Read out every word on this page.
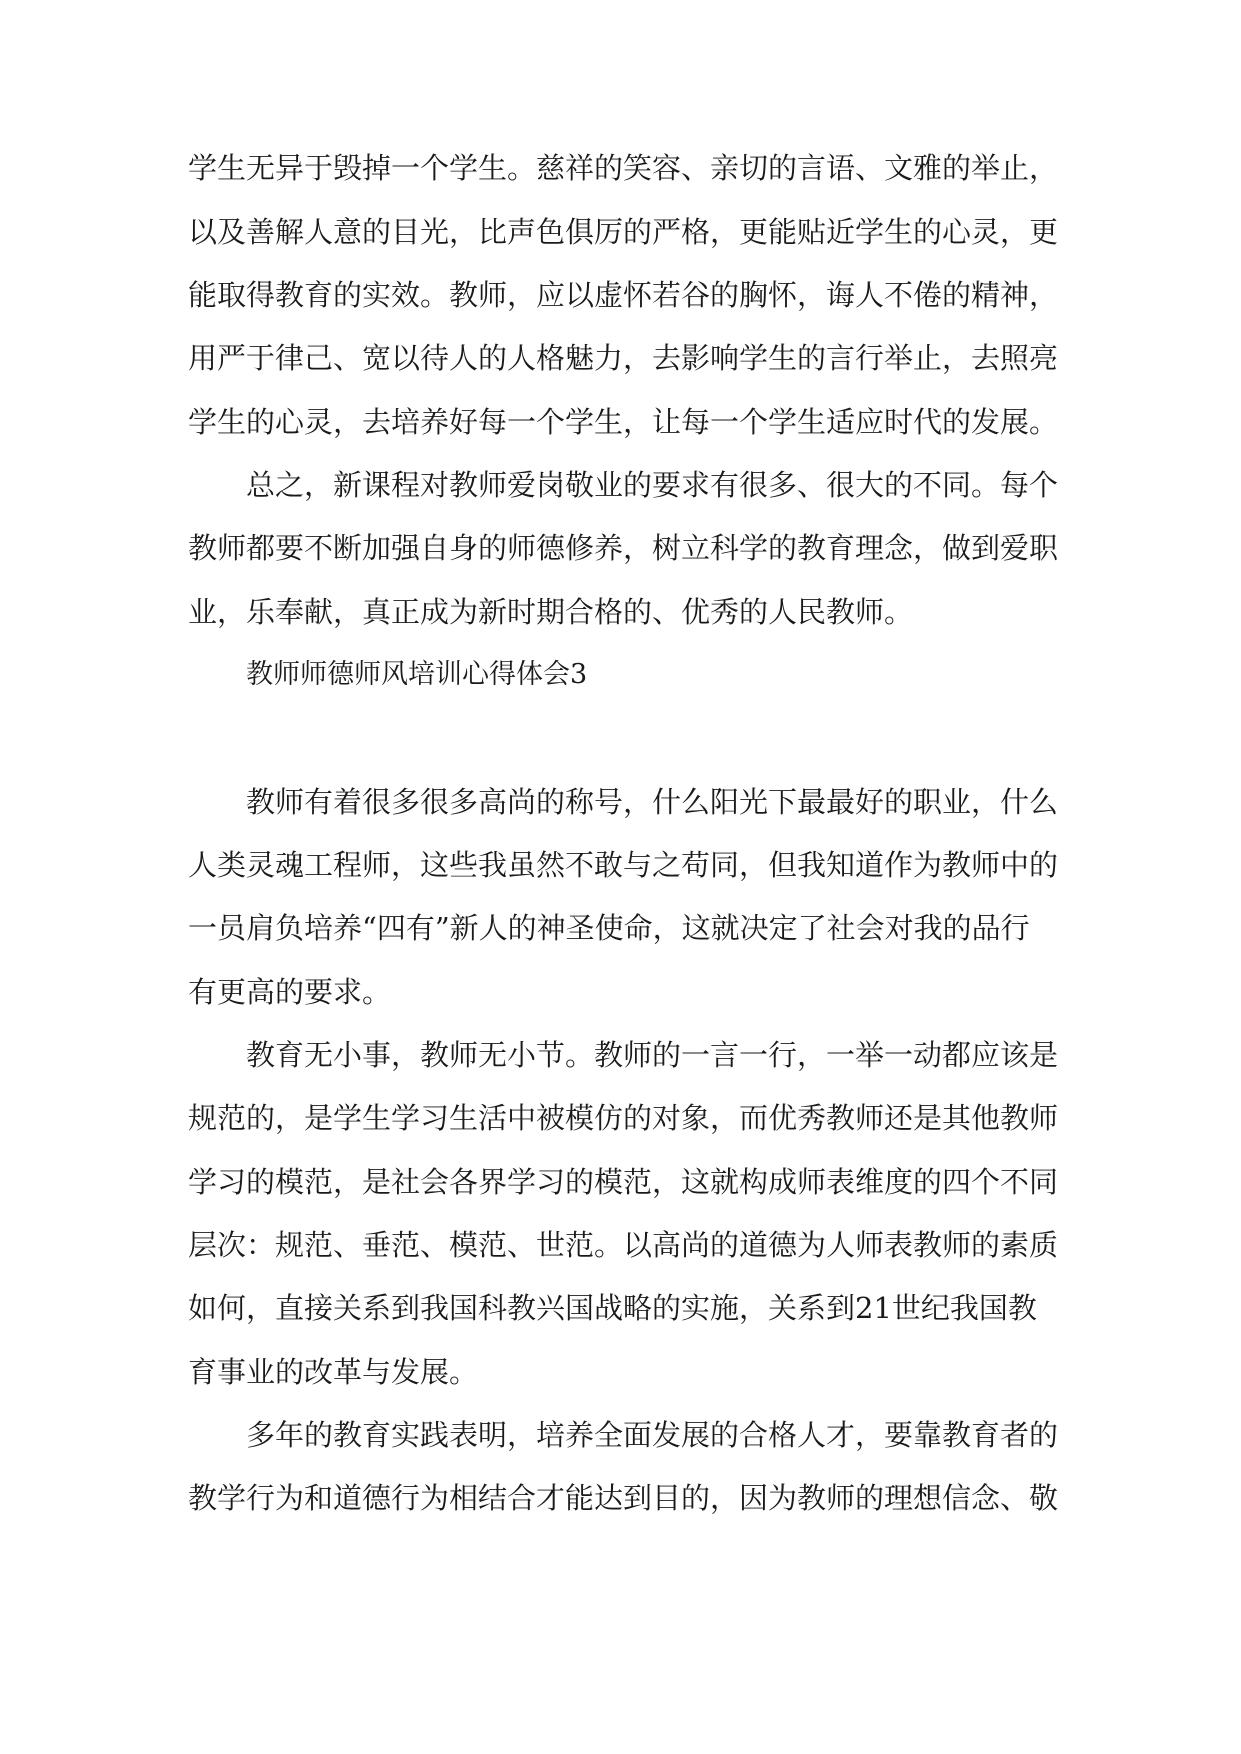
学生无异于毁掉一个学生。慈祥的笑容、亲切的言语、文雅的举止，

以及善解人意的目光，比声色俱厉的严格，更能贴近学生的心灵，更

能取得教育的实效。教师，应以虚怀若谷的胸怀，诲人不倦的精神，

用严于律己、宽以待人的人格魅力，去影响学生的言行举止，去照亮

学生的心灵，去培养好每一个学生，让每一个学生适应时代的发展。

总之，新课程对教师爱岗敬业的要求有很多、很大的不同。每个

教师都要不断加强自身的师德修养，树立科学的教育理念，做到爱职

业，乐奉献，真正成为新时期合格的、优秀的人民教师。

教师师德师风培训心得体会3

教师有着很多很多高尚的称号，什么阳光下最最好的职业，什么

人类灵魂工程师，这些我虽然不敢与之苟同，但我知道作为教师中的

一员肩负培养“四有”新人的神圣使命，这就决定了社会对我的品行

有更高的要求。

教育无小事，教师无小节。教师的一言一行，一举一动都应该是

规范的，是学生学习生活中被模仿的对象，而优秀教师还是其他教师

学习的模范，是社会各界学习的模范，这就构成师表维度的四个不同

层次：规范、垂范、模范、世范。以高尚的道德为人师表教师的素质

如何，直接关系到我国科教兴国战略的实施，关系到21世纪我国教

育事业的改革与发展。

多年的教育实践表明，培养全面发展的合格人才，要靠教育者的

教学行为和道德行为相结合才能达到目的，因为教师的理想信念、敬
